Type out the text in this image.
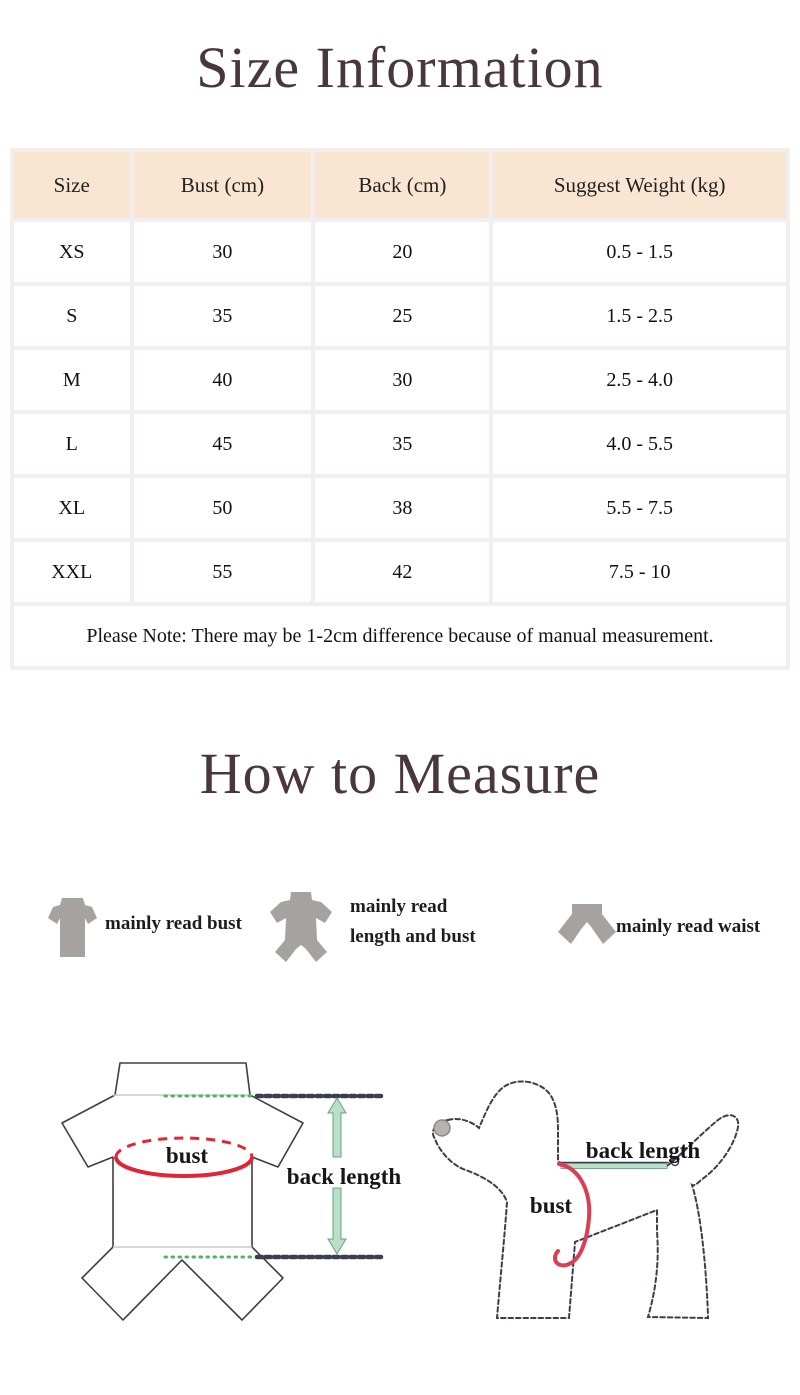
Size Information
Size	Bust (cm)	Back (cm)	Suggest Weight (kg)
XS	30	20	0.5 - 1.5
S	35	25	1.5 - 2.5
M	40	30	2.5 - 4.0
L	45	35	4.0 - 5.5
XL	50	38	5.5 - 7.5
XXL	55	42	7.5 - 10
Please Note: There may be 1-2cm difference because of manual measurement.			
How to Measure
mainly read bust
mainly read
length and bust	mainly read waist
bust
back length
back length
bust
